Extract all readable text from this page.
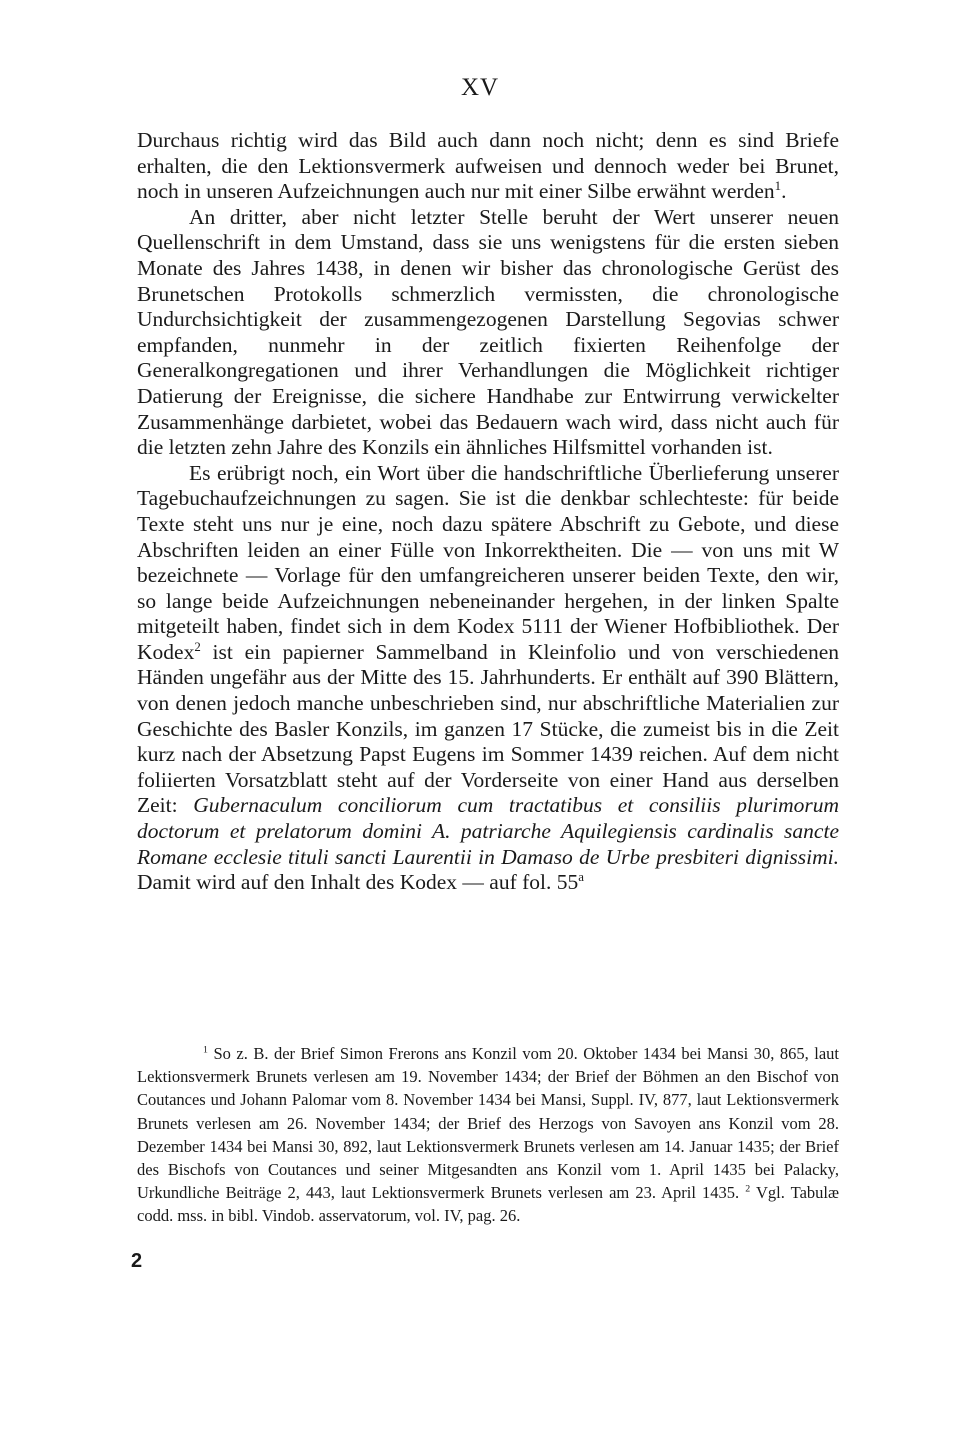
XV

Durchaus richtig wird das Bild auch dann noch nicht; denn es sind Briefe erhalten, die den Lektionsvermerk aufweisen und dennoch weder bei Brunet, noch in unseren Aufzeichnungen auch nur mit einer Silbe erwähnt werden$^1$.

An dritter, aber nicht letzter Stelle beruht der Wert unserer neuen Quellenschrift in dem Umstand, dass sie uns wenigstens für die ersten sieben Monate des Jahres 1438, in denen wir bisher das chronologische Gerüst des Brunetschen Protokolls schmerzlich vermissten, die chronologische Undurchsichtigkeit der zusammengezogenen Darstellung Segovias schwer empfanden, nunmehr in der zeitlich fixierten Reihenfolge der Generalkongregationen und ihrer Verhandlungen die Möglichkeit richtiger Datierung der Ereignisse, die sichere Handhabe zur Entwirrung verwickelter Zusammenhänge darbietet, wobei das Bedauern wach wird, dass nicht auch für die letzten zehn Jahre des Konzils ein ähnliches Hilfsmittel vorhanden ist.

Es erübrigt noch, ein Wort über die handschriftliche Überlieferung unserer Tagebuchaufzeichnungen zu sagen. Sie ist die denkbar schlechteste: für beide Texte steht uns nur je eine, noch dazu spätere Abschrift zu Gebote, und diese Abschriften leiden an einer Fülle von Inkorrektheiten. Die — von uns mit W bezeichnete — Vorlage für den umfangreicheren unserer beiden Texte, den wir, so lange beide Aufzeichnungen nebeneinander hergehen, in der linken Spalte mitgeteilt haben, findet sich in dem Kodex 5111 der Wiener Hofbibliothek. Der Kodex$^2$ ist ein papierner Sammelband in Kleinfolio und von verschiedenen Händen ungefähr aus der Mitte des 15. Jahrhunderts. Er enthält auf 390 Blättern, von denen jedoch manche unbeschrieben sind, nur abschriftliche Materialien zur Geschichte des Basler Konzils, im ganzen 17 Stücke, die zumeist bis in die Zeit kurz nach der Absetzung Papst Eugens im Sommer 1439 reichen. Auf dem nicht foliierten Vorsatzblatt steht auf der Vorderseite von einer Hand aus derselben Zeit: Gubernaculum conciliorum cum tractatibus et consiliis plurimorum doctorum et prelatorum domini A. patriarche Aquilegiensis cardinalis sancte Romane ecclesie tituli sancti Laurentii in Damaso de Urbe presbiteri dignissimi. Damit wird auf den Inhalt des Kodex — auf fol. 55$^a$

$^1$ So z. B. der Brief Simon Frerons ans Konzil vom 20. Oktober 1434 bei Mansi 30, 865, laut Lektionsvermerk Brunets verlesen am 19. November 1434; der Brief der Böhmen an den Bischof von Coutances und Johann Palomar vom 8. November 1434 bei Mansi, Suppl. IV, 877, laut Lektionsvermerk Brunets verlesen am 26. November 1434; der Brief des Herzogs von Savoyen ans Konzil vom 28. Dezember 1434 bei Mansi 30, 892, laut Lektionsvermerk Brunets verlesen am 14. Januar 1435; der Brief des Bischofs von Coutances und seiner Mitgesandten ans Konzil vom 1. April 1435 bei Palacky, Urkundliche Beiträge 2, 443, laut Lektionsvermerk Brunets verlesen am 23. April 1435. $^2$ Vgl. Tabulæ codd. mss. in bibl. Vindob. asservatorum, vol. IV, pag. 26.

2
